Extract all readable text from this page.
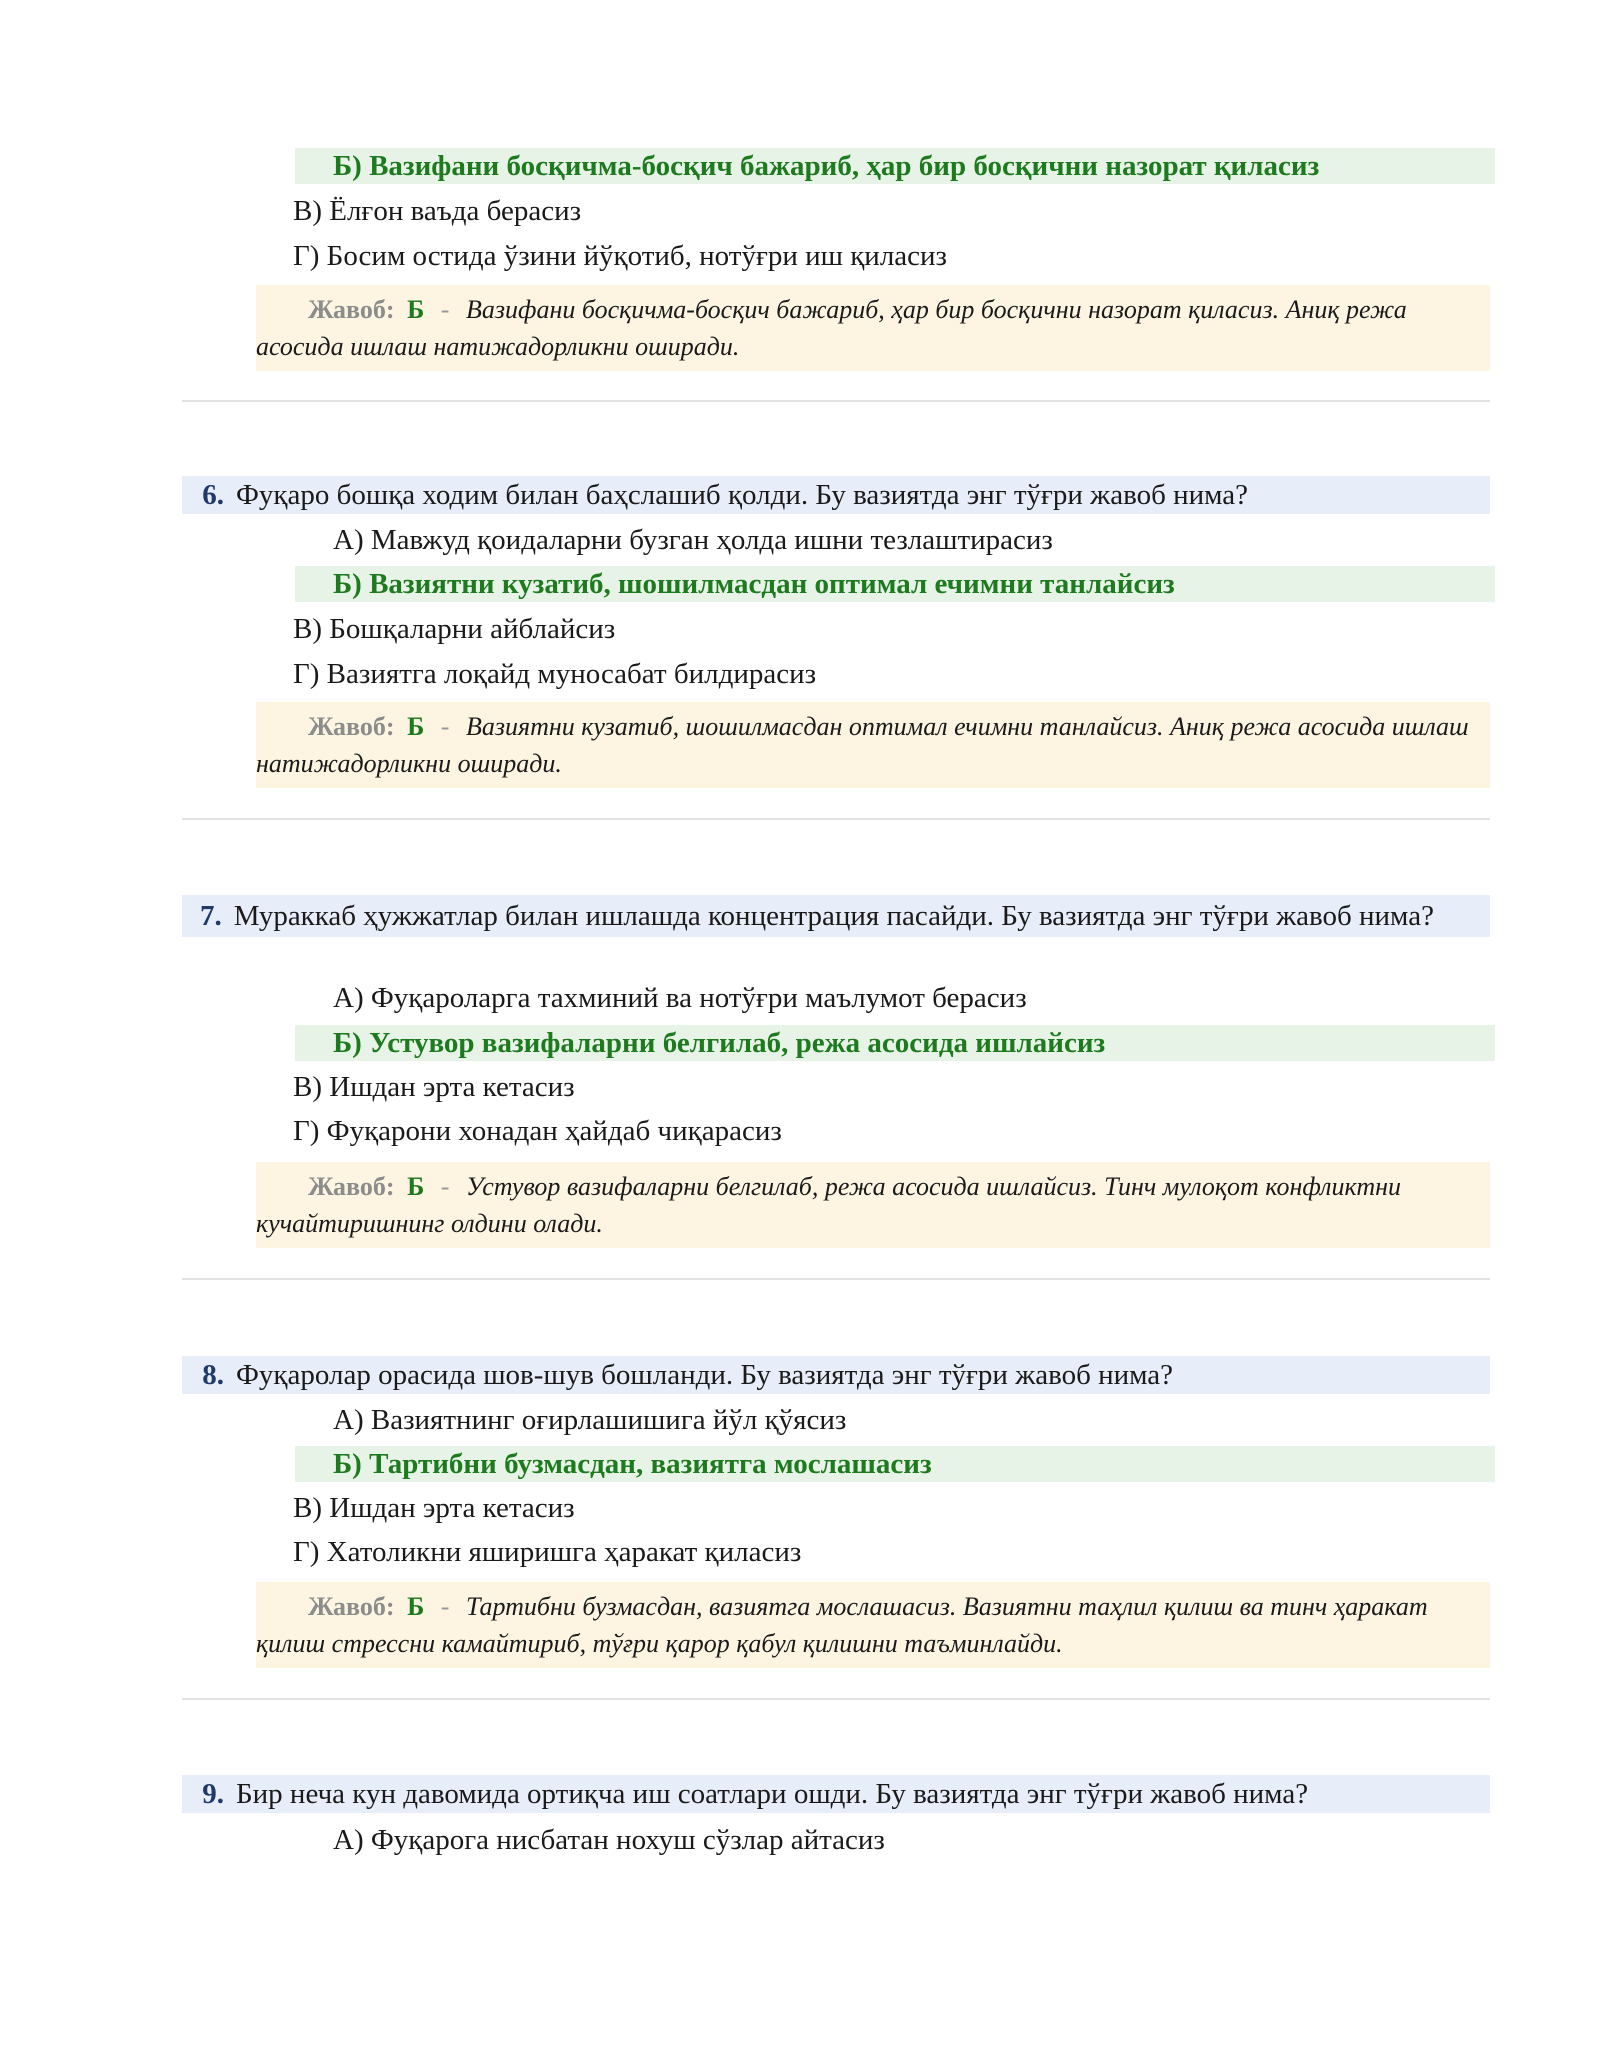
Б) Вазифани босқичма-босқич бажариб, ҳар бир босқични назорат қиласиз
В) Ёлғон ваъда берасиз
Г) Босим остида ўзини йўқотиб, нотўғри иш қиласиз
Жавоб: Б - Вазифани босқичма-босқич бажариб, ҳар бир босқични назорат қиласиз. Аниқ режа асосида ишлаш натижадорликни оширади.
6. Фуқаро бошқа ходим билан баҳслашиб қолди. Бу вазиятда энг тўғри жавоб нима?
А) Мавжуд қоидаларни бузган ҳолда ишни тезлаштирасиз
Б) Вазиятни кузатиб, шошилмасдан оптимал ечимни танлайсиз
В) Бошқаларни айблайсиз
Г) Вазиятга лоқайд муносабат билдирасиз
Жавоб: Б - Вазиятни кузатиб, шошилмасдан оптимал ечимни танлайсиз. Аниқ режа асосида ишлаш натижадорликни оширади.
7. Мураккаб ҳужжатлар билан ишлашда концентрация пасайди. Бу вазиятда энг тўғри жавоб нима?
А) Фуқароларга тахминий ва нотўғри маълумот берасиз
Б) Устувор вазифаларни белгилаб, режа асосида ишлайсиз
В) Ишдан эрта кетасиз
Г) Фуқарони хонадан ҳайдаб чиқарасиз
Жавоб: Б - Устувор вазифаларни белгилаб, режа асосида ишлайсиз. Тинч мулоқот конфликтни кучайтиришнинг олдини олади.
8. Фуқаролар орасида шов-шув бошланди. Бу вазиятда энг тўғри жавоб нима?
А) Вазиятнинг оғирлашишига йўл қўясиз
Б) Тартибни бузмасдан, вазиятга мослашасиз
В) Ишдан эрта кетасиз
Г) Хатоликни яширишга ҳаракат қиласиз
Жавоб: Б - Тартибни бузмасдан, вазиятга мослашасиз. Вазиятни таҳлил қилиш ва тинч ҳаракат қилиш стрессни камайтириб, тўғри қарор қабул қилишни таъминлайди.
9. Бир неча кун давомида ортиқча иш соатлари ошди. Бу вазиятда энг тўғри жавоб нима?
А) Фуқарога нисбатан нохуш сўзлар айтасиз
